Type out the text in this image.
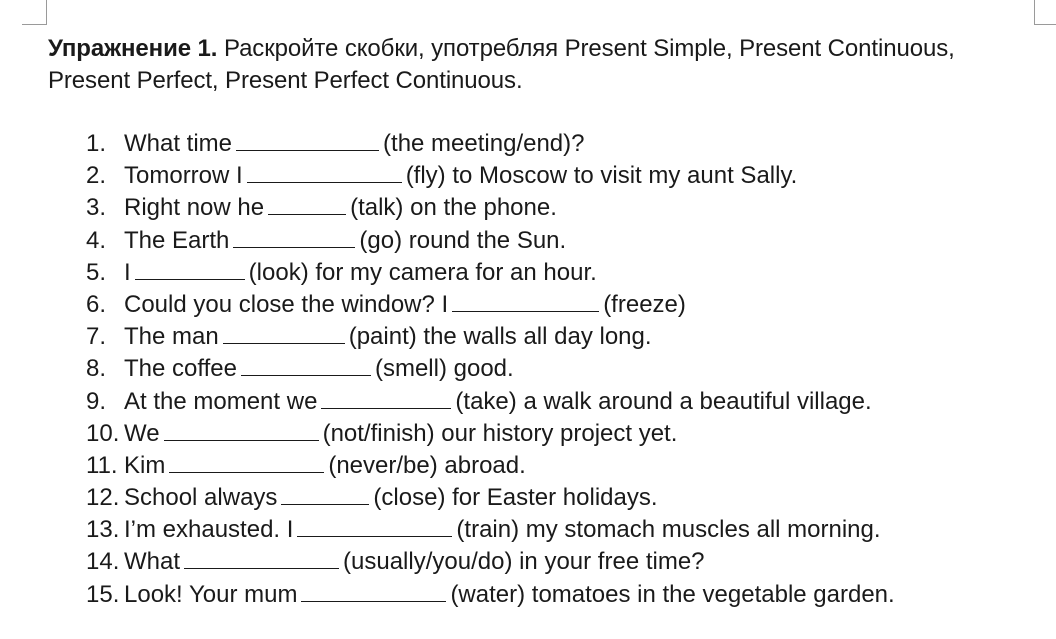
Упражнение 1. Раскройте скобки, употребляя Present Simple, Present Continuous, Present Perfect, Present Perfect Continuous.
1. What time	(the meeting/end)?
2. Tomorrow I	(fly) to Moscow to visit my aunt Sally.
3. Right now he	(talk) on the phone.
4. The Earth	(go) round the Sun.
5. I	(look) for my camera for an hour.
6. Could you close the window? I	(freeze)
7. The man	(paint) the walls all day long.
8. The coffee	(smell) good.
9. At the moment we	(take) a walk around a beautiful village.
10. We	(not/finish) our history project yet.
11. Kim	(never/be) abroad.
12. School always	(close) for Easter holidays.
13. I’m exhausted. I	(train) my stomach muscles all morning.
14. What	(usually/you/do) in your free time?
15. Look! Your mum	(water) tomatoes in the vegetable garden.
